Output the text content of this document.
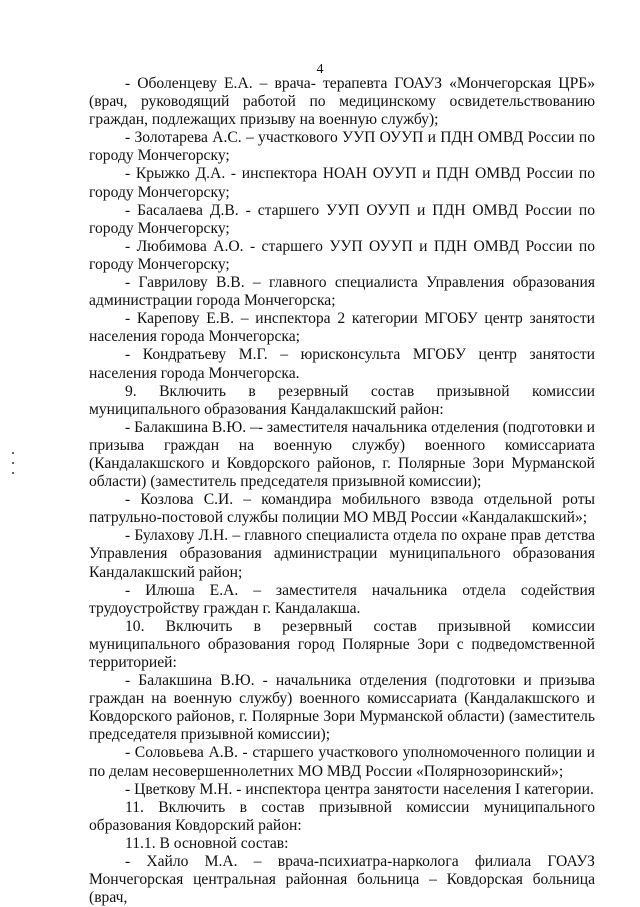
4

- Оболенцеву Е.А. – врача- терапевта ГОАУЗ «Мончегорская ЦРБ» (врач, руководящий работой по медицинскому освидетельствованию граждан, подлежащих призыву на военную службу);

- Золотарева А.С. – участкового УУП ОУУП и ПДН ОМВД России по городу Мончегорску;

- Крыжко Д.А. - инспектора НОАН ОУУП и ПДН ОМВД России по городу Мончегорску;

- Басалаева Д.В. - старшего УУП ОУУП и ПДН ОМВД России по городу Мончегорску;

- Любимова А.О. - старшего УУП ОУУП и ПДН ОМВД России по городу Мончегорску;

- Гаврилову В.В. – главного специалиста Управления образования администрации города Мончегорска;

- Карепову Е.В. – инспектора 2 категории МГОБУ центр занятости населения города Мончегорска;

- Кондратьеву М.Г. – юрисконсульта МГОБУ центр занятости населения города Мончегорска.

9. Включить в резервный состав призывной комиссии муниципального образования Кандалакшский район:

- Балакшина В.Ю. –- заместителя начальника отделения (подготовки и призыва граждан на военную службу) военного комиссариата (Кандалакшского и Ковдорского районов, г. Полярные Зори Мурманской области) (заместитель председателя призывной комиссии);

- Козлова С.И. – командира мобильного взвода отдельной роты патрульно-постовой службы полиции МО МВД России «Кандалакшский»;

- Булахову Л.Н. – главного специалиста отдела по охране прав детства Управления образования администрации муниципального образования Кандалакшский район;

- Илюша Е.А. – заместителя начальника отдела содействия трудоустройству граждан г. Кандалакша.

10. Включить в резервный состав призывной комиссии муниципального образования город Полярные Зори с подведомственной территорией:

- Балакшина В.Ю. - начальника отделения (подготовки и призыва граждан на военную службу) военного комиссариата (Кандалакшского и Ковдорского районов, г. Полярные Зори Мурманской области) (заместитель председателя призывной комиссии);

- Соловьева А.В. - старшего участкового уполномоченного полиции и по делам несовершеннолетних МО МВД России «Полярнозоринский»;

- Цветкову М.Н. - инспектора центра занятости населения I категории.

11. Включить в состав призывной комиссии муниципального образования Ковдорский район:

11.1. В основной состав:

- Хайло М.А. – врача-психиатра-нарколога филиала ГОАУЗ Мончегорская центральная районная больница – Ковдорская больница (врач,
